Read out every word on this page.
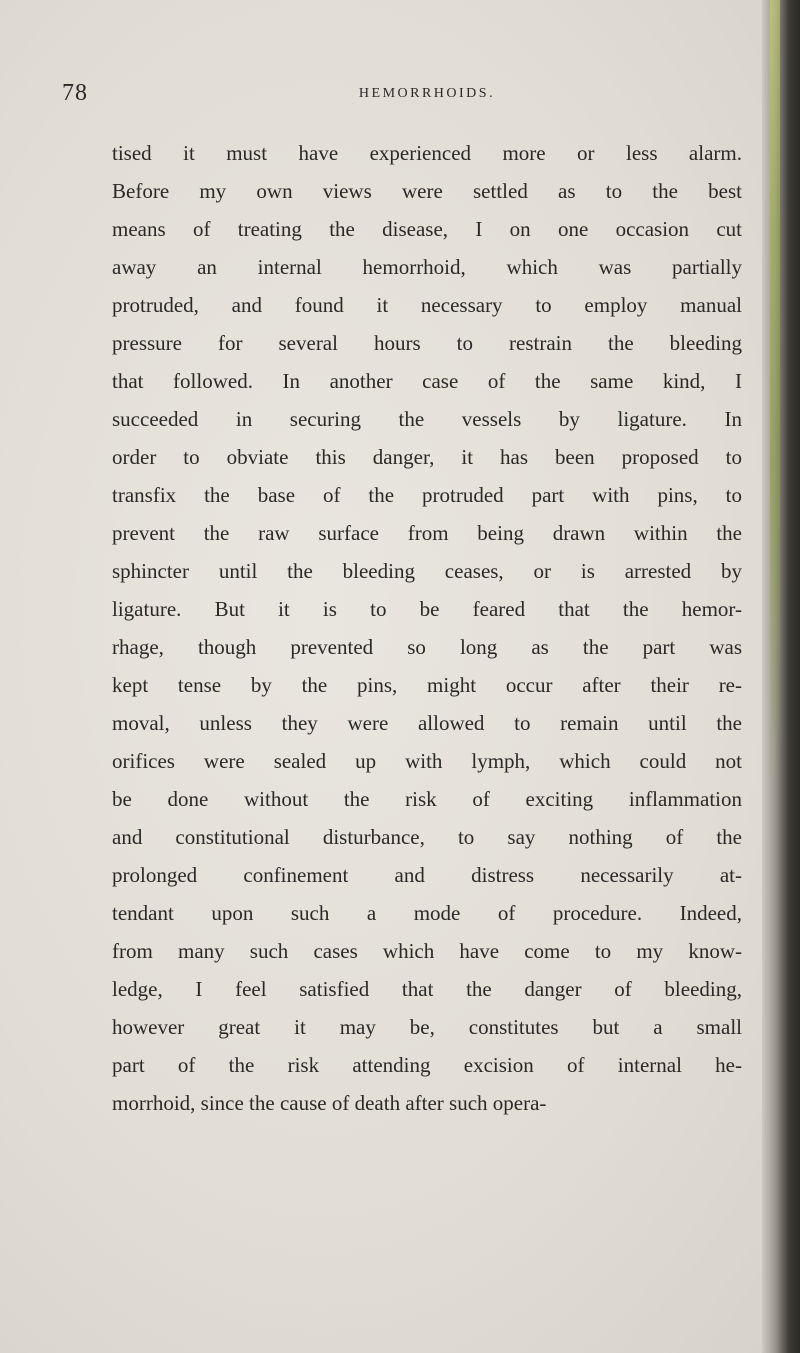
78	HEMORRHOIDS.
tised it must have experienced more or less alarm.
Before my own views were settled as to the best
means of treating the disease, I on one occasion cut
away an internal hemorrhoid, which was partially
protruded, and found it necessary to employ manual
pressure for several hours to restrain the bleeding
that followed. In another case of the same kind, I
succeeded in securing the vessels by ligature. In
order to obviate this danger, it has been proposed to
transfix the base of the protruded part with pins, to
prevent the raw surface from being drawn within the
sphincter until the bleeding ceases, or is arrested by
ligature. But it is to be feared that the hemor-
rhage, though prevented so long as the part was
kept tense by the pins, might occur after their re-
moval, unless they were allowed to remain until the
orifices were sealed up with lymph, which could not
be done without the risk of exciting inflammation
and constitutional disturbance, to say nothing of the
prolonged confinement and distress necessarily at-
tendant upon such a mode of procedure. Indeed,
from many such cases which have come to my know-
ledge, I feel satisfied that the danger of bleeding,
however great it may be, constitutes but a small
part of the risk attending excision of internal he-
morrhoid, since the cause of death after such opera-
